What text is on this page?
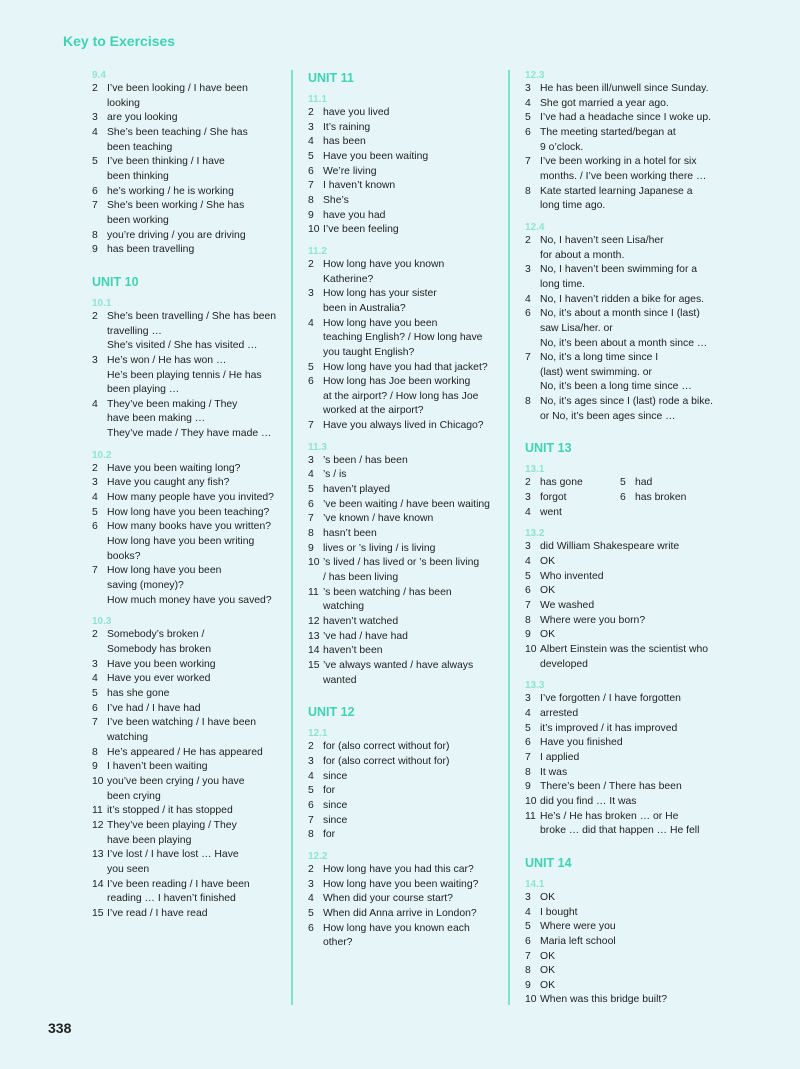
Key to Exercises
9.4
2 I’ve been looking / I have been
looking
3 are you looking
4 She’s been teaching / She has
been teaching
5 I’ve been thinking / I have
been thinking
6 he’s working / he is working
7 She’s been working / She has
been working
8 you’re driving / you are driving
9 has been travelling
UNIT 10
10.1
2 She’s been travelling / She has been
travelling …
She’s visited / She has visited …
3 He’s won / He has won …
He’s been playing tennis / He has
been playing …
4 They’ve been making / They
have been making …
They’ve made / They have made …
10.2
2 Have you been waiting long?
3 Have you caught any fish?
4 How many people have you invited?
5 How long have you been teaching?
6 How many books have you written?
How long have you been writing
books?
7 How long have you been
saving (money)?
How much money have you saved?
10.3
2 Somebody’s broken /
Somebody has broken
3 Have you been working
4 Have you ever worked
5 has she gone
6 I’ve had / I have had
7 I’ve been watching / I have been
watching
8 He’s appeared / He has appeared
9 I haven’t been waiting
10 you’ve been crying / you have
been crying
11 it’s stopped / it has stopped
12 They’ve been playing / They
have been playing
13 I’ve lost / I have lost … Have
you seen
14 I’ve been reading / I have been
reading … I haven’t finished
15 I’ve read / I have read
UNIT 11
11.1
2 have you lived
3 It’s raining
4 has been
5 Have you been waiting
6 We’re living
7 I haven’t known
8 She’s
9 have you had
10 I’ve been feeling
11.2
2 How long have you known
Katherine?
3 How long has your sister
been in Australia?
4 How long have you been
teaching English? / How long have
you taught English?
5 How long have you had that jacket?
6 How long has Joe been working
at the airport? / How long has Joe
worked at the airport?
7 Have you always lived in Chicago?
11.3
3 ’s been / has been
4 ’s / is
5 haven’t played
6 ’ve been waiting / have been waiting
7 ’ve known / have known
8 hasn’t been
9 lives or ’s living / is living
10 ’s lived / has lived or ’s been living
/ has been living
11 ’s been watching / has been
watching
12 haven’t watched
13 ’ve had / have had
14 haven’t been
15 ’ve always wanted / have always
wanted
UNIT 12
12.1
2 for (also correct without for)
3 for (also correct without for)
4 since
5 for
6 since
7 since
8 for
12.2
2 How long have you had this car?
3 How long have you been waiting?
4 When did your course start?
5 When did Anna arrive in London?
6 How long have you known each
other?
12.3
3 He has been ill/unwell since Sunday.
4 She got married a year ago.
5 I’ve had a headache since I woke up.
6 The meeting started/began at
9 o’clock.
7 I’ve been working in a hotel for six
months. / I’ve been working there …
8 Kate started learning Japanese a
long time ago.
12.4
2 No, I haven’t seen Lisa/her
for about a month.
3 No, I haven’t been swimming for a
long time.
4 No, I haven’t ridden a bike for ages.
6 No, it’s about a month since I (last)
saw Lisa/her. or
No, it’s been about a month since …
7 No, it’s a long time since I
(last) went swimming. or
No, it’s been a long time since …
8 No, it’s ages since I (last) rode a bike.
or No, it’s been ages since …
UNIT 13
13.1
2 has gone
3 forgot
4 went
5 had
6 has broken
13.2
3 did William Shakespeare write
4 OK
5 Who invented
6 OK
7 We washed
8 Where were you born?
9 OK
10 Albert Einstein was the scientist who
developed
13.3
3 I’ve forgotten / I have forgotten
4 arrested
5 it’s improved / it has improved
6 Have you finished
7 I applied
8 It was
9 There’s been / There has been
10 did you find … It was
11 He’s / He has broken … or He
broke … did that happen … He fell
UNIT 14
14.1
3 OK
4 I bought
5 Where were you
6 Maria left school
7 OK
8 OK
9 OK
10 When was this bridge built?
338
